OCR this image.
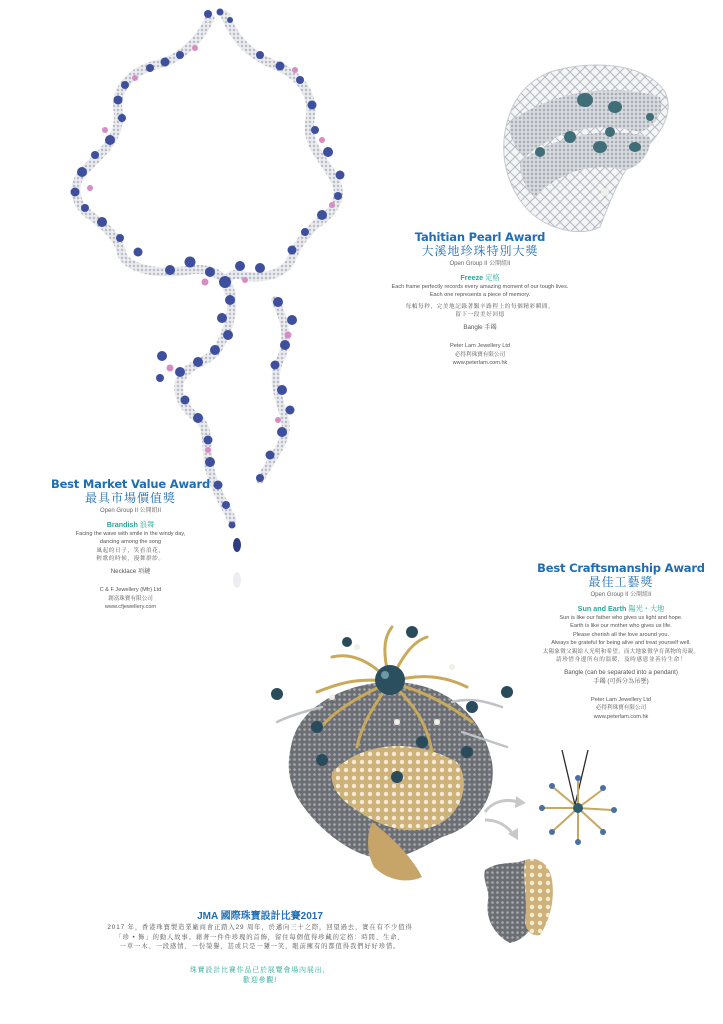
Tahitian Pearl Award
大溪地珍珠特別大獎
Open Group II 公開組II
Freeze 定格
Each frame perfectly records every amazing moment of our tough lives.
Each one represents a piece of memory.
每幀每秒，完美地記錄著艱辛路程上的每個精彩瞬間，
留下一段美好回憶
Bangle 手鐲
Peter Lam Jewellery Ltd
必得利珠寶有限公司
www.peterlam.com.hk
Best Market Value Award
最具市場價值獎
Open Group II 公開組II
Brandish 浪舞
Facing the wave with smile in the windy day,
dancing among the song
風起的日子，笑看浪花，
輕歌的時候，漫舞群紗。
Necklace 項鏈
C & F Jewellery (Mfr) Ltd
創富珠寶有限公司
www.cfjewellery.com
Best Craftsmanship Award
最佳工藝獎
Open Group II 公開組II
Sun and Earth 陽光・大地
Sun is like our father who gives us light and hope.
Earth is like our mother who gives us life.
Please cherish all the love around you.
Always be grateful for being alive and treat yourself well.
太陽象徵父親給人光明和希望，而大地象徵孕育萬物的母親。
請珍惜身邊所有的溫暖，及時感恩並善待生命！
Bangle (can be separated into a pendant)
手鐲 (可拆分為吊墜)
Peter Lam Jewellery Ltd
必得利珠寶有限公司
www.peterlam.com.hk
JMA 國際珠寶設計比賽2017
2017 年，香港珠寶製造業廠商會正踏入29 周年，於邁向三十之際，回望過去，實在有不少值得
「珍 • 飾」的動人故事。藉著一件件珍瑰的首飾，留住每個值得珍藏的定格：時間、生命、
一草一木、一段感情、一份榮譽，甚或只是一顰一笑，眼前擁有的都值得我們好好珍惜。
珠寶設計比賽作品已於展覽會場內展出，
歡迎參觀!
